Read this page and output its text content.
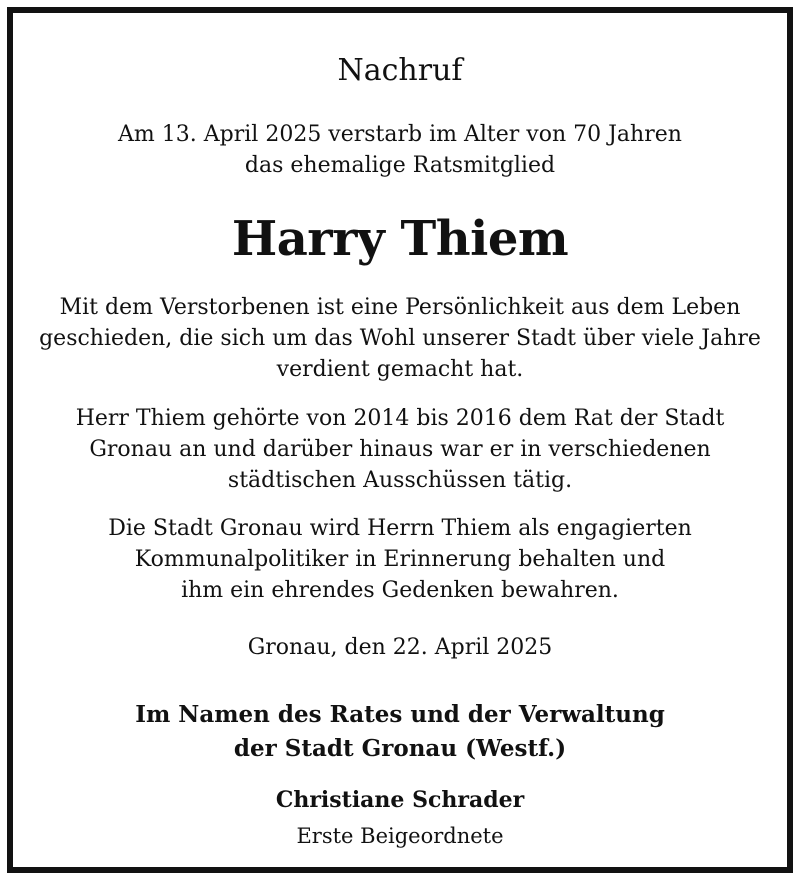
Nachruf
Am 13. April 2025 verstarb im Alter von 70 Jahren
das ehemalige Ratsmitglied
Harry Thiem
Mit dem Verstorbenen ist eine Persönlichkeit aus dem Leben
geschieden, die sich um das Wohl unserer Stadt über viele Jahre
verdient gemacht hat.
Herr Thiem gehörte von 2014 bis 2016 dem Rat der Stadt
Gronau an und darüber hinaus war er in verschiedenen
städtischen Ausschüssen tätig.
Die Stadt Gronau wird Herrn Thiem als engagierten
Kommunalpolitiker in Erinnerung behalten und
ihm ein ehrendes Gedenken bewahren.
Gronau, den 22. April 2025
Im Namen des Rates und der Verwaltung
der Stadt Gronau (Westf.)
Christiane Schrader
Erste Beigeordnete
